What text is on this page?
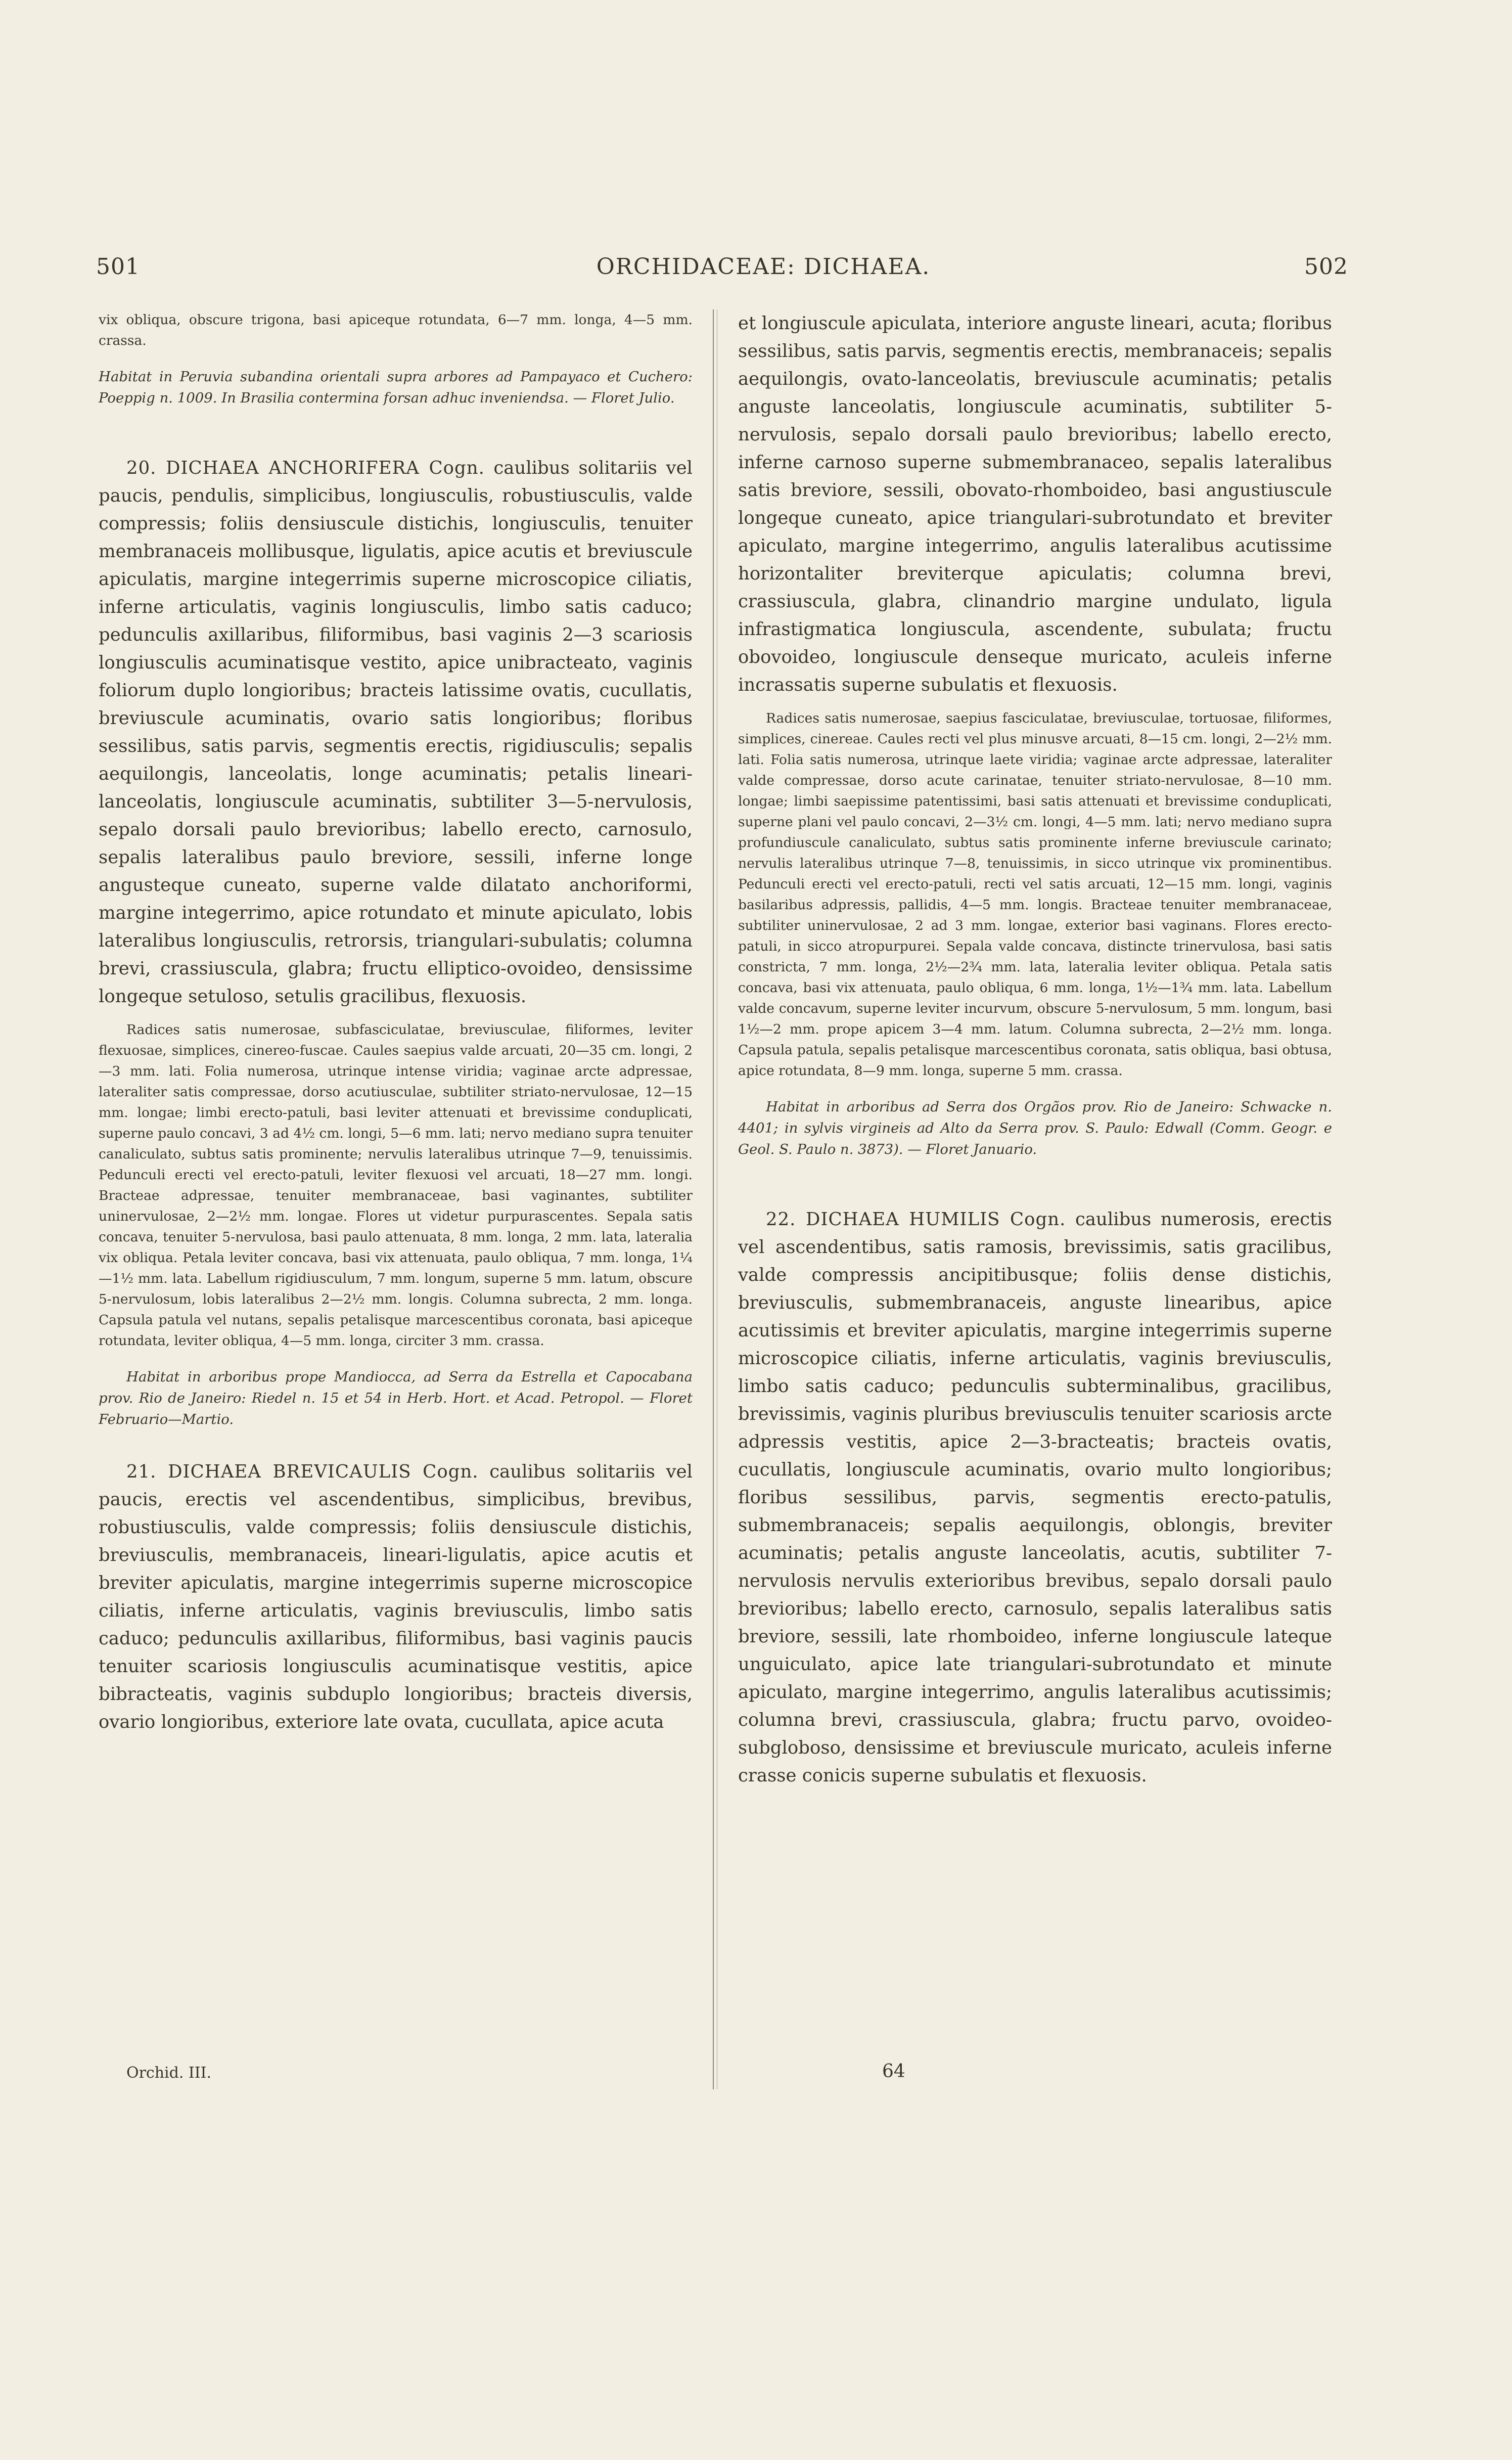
501	ORCHIDACEAE: DICHAEA.	502

vix obliqua, obscure trigona, basi apiceque rotundata, 6—7 mm. longa, 4—5 mm. crassa.

Habitat in Peruvia subandina orientali supra arbores ad Pampayaco et Cuchero: Poeppig n. 1009. In Brasilia contermina forsan adhuc inveniendsa. — Floret Julio.

20. DICHAEA ANCHORIFERA Cogn. caulibus solitariis vel paucis, pendulis, simplicibus, longiusculis, robustiusculis, valde compressis; foliis densiuscule distichis, longiusculis, tenuiter membranaceis mollibusque, ligulatis, apice acutis et breviuscule apiculatis, margine integerrimis superne microscopice ciliatis, inferne articulatis, vaginis longiusculis, limbo satis caduco; pedunculis axillaribus, filiformibus, basi vaginis 2—3 scariosis longiusculis acuminatisque vestito, apice unibracteato, vaginis foliorum duplo longioribus; bracteis latissime ovatis, cucullatis, breviuscule acuminatis, ovario satis longioribus; floribus sessilibus, satis parvis, segmentis erectis, rigidiusculis; sepalis aequilongis, lanceolatis, longe acuminatis; petalis lineari-lanceolatis, longiuscule acuminatis, subtiliter 3—5-nervulosis, sepalo dorsali paulo brevioribus; labello erecto, carnosulo, sepalis lateralibus paulo breviore, sessili, inferne longe angusteque cuneato, superne valde dilatato anchoriformi, margine integerrimo, apice rotundato et minute apiculato, lobis lateralibus longiusculis, retrorsis, triangulari-subulatis; columna brevi, crassiuscula, glabra; fructu ellipticо-ovoideo, densissime longeque setuloso, setulis gracilibus, flexuosis.

Radices satis numerosae, subfasciculatae, breviusculae, filiformes, leviter flexuosae, simplices, cinereo-fuscae. Caules saepius valde arcuati, 20—35 cm. longi, 2—3 mm. lati. Folia numerosa, utrinque intense viridia; vaginae arcte adpressae, lateraliter satis compressae, dorso acutiusculae, subtiliter striato-nervulosae, 12—15 mm. longae; limbi erecto-patuli, basi leviter attenuati et brevissime conduplicati, superne paulo concavi, 3 ad 4½ cm. longi, 5—6 mm. lati; nervo mediano supra tenuiter canaliculato, subtus satis prominente; nervulis lateralibus utrinque 7—9, tenuissimis. Pedunculi erecti vel erecto-patuli, leviter flexuosi vel arcuati, 18—27 mm. longi. Bracteae adpressae, tenuiter membranaceae, basi vaginantes, subtiliter uninervulosae, 2—2½ mm. longae. Flores ut videtur purpurascentes. Sepala satis concava, tenuiter 5-nervulosa, basi paulo attenuata, 8 mm. longa, 2 mm. lata, lateralia vix obliqua. Petala leviter concava, basi vix attenuata, paulo obliqua, 7 mm. longa, 1¼—1½ mm. lata. Labellum rigidiusculum, 7 mm. longum, superne 5 mm. latum, obscure 5-nervulosum, lobis lateralibus 2—2½ mm. longis. Columna subrecta, 2 mm. longa. Capsula patula vel nutans, sepalis petalisque marcescentibus coronata, basi apiceque rotundata, leviter obliqua, 4—5 mm. longa, circiter 3 mm. crassa.

Habitat in arboribus prope Mandiocca, ad Serra da Estrella et Capocabana prov. Rio de Janeiro: Riedel n. 15 et 54 in Herb. Hort. et Acad. Petropol. — Floret Februario—Martio.

21. DICHAEA BREVICAULIS Cogn. caulibus solitariis vel paucis, erectis vel ascendentibus, simplicibus, brevibus, robustiusculis, valde compressis; foliis densiuscule distichis, breviusculis, membranaceis, lineari-ligulatis, apice acutis et breviter apiculatis, margine integerrimis superne microscopice ciliatis, inferne articulatis, vaginis breviusculis, limbo satis caduco; pedunculis axillaribus, filiformibus, basi vaginis paucis tenuiter scariosis longiusculis acuminatisque vestitis, apice bibracteatis, vaginis subduplo longioribus; bracteis diversis, ovario longioribus, exteriore late ovata, cucullata, apice acuta

et longiuscule apiculata, interiore anguste lineari, acuta; floribus sessilibus, satis parvis, segmentis erectis, membranaceis; sepalis aequilongis, ovato-lanceolatis, breviuscule acuminatis; petalis anguste lanceolatis, longiuscule acuminatis, subtiliter 5-nervulosis, sepalo dorsali paulo brevioribus; labello erecto, inferne carnoso superne submembranaceo, sepalis lateralibus satis breviore, sessili, obovato-rhomboideo, basi angustiuscule longeque cuneato, apice triangulari-subrotundato et breviter apiculato, margine integerrimo, angulis lateralibus acutissime horizontaliter breviterque apiculatis; columna brevi, crassiuscula, glabra, clinandrio margine undulato, ligula infrastigmatica longiuscula, ascendente, subulata; fructu obovoideo, longiuscule denseque muricato, aculeis inferne incrassatis superne subulatis et flexuosis.

Radices satis numerosae, saepius fasciculatae, breviusculae, tortuosae, filiformes, simplices, cinereae. Caules recti vel plus minusve arcuati, 8—15 cm. longi, 2—2½ mm. lati. Folia satis numerosa, utrinque laete viridia; vaginae arcte adpressae, lateraliter valde compressae, dorso acute carinatae, tenuiter striato-nervulosae, 8—10 mm. longae; limbi saepissime patentissimi, basi satis attenuati et brevissime conduplicati, superne plani vel paulo concavi, 2—3½ cm. longi, 4—5 mm. lati; nervo mediano supra profundiuscule canaliculato, subtus satis prominente inferne breviuscule carinato; nervulis lateralibus utrinque 7—8, tenuissimis, in sicco utrinque vix prominentibus. Pedunculi erecti vel erecto-patuli, recti vel satis arcuati, 12—15 mm. longi, vaginis basilaribus adpressis, pallidis, 4—5 mm. longis. Bracteae tenuiter membranaceae, subtiliter uninervulosae, 2 ad 3 mm. longae, exterior basi vaginans. Flores erecto-patuli, in sicco atropurpurei. Sepala valde concava, distincte trinervulosa, basi satis constricta, 7 mm. longa, 2½—2¾ mm. lata, lateralia leviter obliqua. Petala satis concava, basi vix attenuata, paulo obliqua, 6 mm. longa, 1½—1¾ mm. lata. Labellum valde concavum, superne leviter incurvum, obscure 5-nervulosum, 5 mm. longum, basi 1½—2 mm. prope apicem 3—4 mm. latum. Columna subrecta, 2—2½ mm. longa. Capsula patula, sepalis petalisque marcescentibus coronata, satis obliqua, basi obtusa, apice rotundata, 8—9 mm. longa, superne 5 mm. crassa.

Habitat in arboribus ad Serra dos Orgãos prov. Rio de Janeiro: Schwacke n. 4401; in sylvis virgineis ad Alto da Serra prov. S. Paulo: Edwall (Comm. Geogr. e Geol. S. Paulo n. 3873). — Floret Januario.

22. DICHAEA HUMILIS Cogn. caulibus numerosis, erectis vel ascendentibus, satis ramosis, brevissimis, satis gracilibus, valde compressis ancipitibusque; foliis dense distichis, breviusculis, submembranaceis, anguste linearibus, apice acutissimis et breviter apiculatis, margine integerrimis superne microscopice ciliatis, inferne articulatis, vaginis breviusculis, limbo satis caduco; pedunculis subterminalibus, gracilibus, brevissimis, vaginis pluribus breviusculis tenuiter scariosis arcte adpressis vestitis, apice 2—3-bracteatis; bracteis ovatis, cucullatis, longiuscule acuminatis, ovario multo longioribus; floribus sessilibus, parvis, segmentis erecto-patulis, submembranaceis; sepalis aequilongis, oblongis, breviter acuminatis; petalis anguste lanceolatis, acutis, subtiliter 7-nervulosis nervulis exterioribus brevibus, sepalo dorsali paulo brevioribus; labello erecto, carnosulo, sepalis lateralibus satis breviore, sessili, late rhomboideo, inferne longiuscule lateque unguiculato, apice late triangulari-subrotundato et minute apiculato, margine integerrimo, angulis lateralibus acutissimis; columna brevi, crassiuscula, glabra; fructu parvo, ovoideo-subgloboso, densissime et breviuscule muricato, aculeis inferne crasse conicis superne subulatis et flexuosis.

Orchid. III.	64
